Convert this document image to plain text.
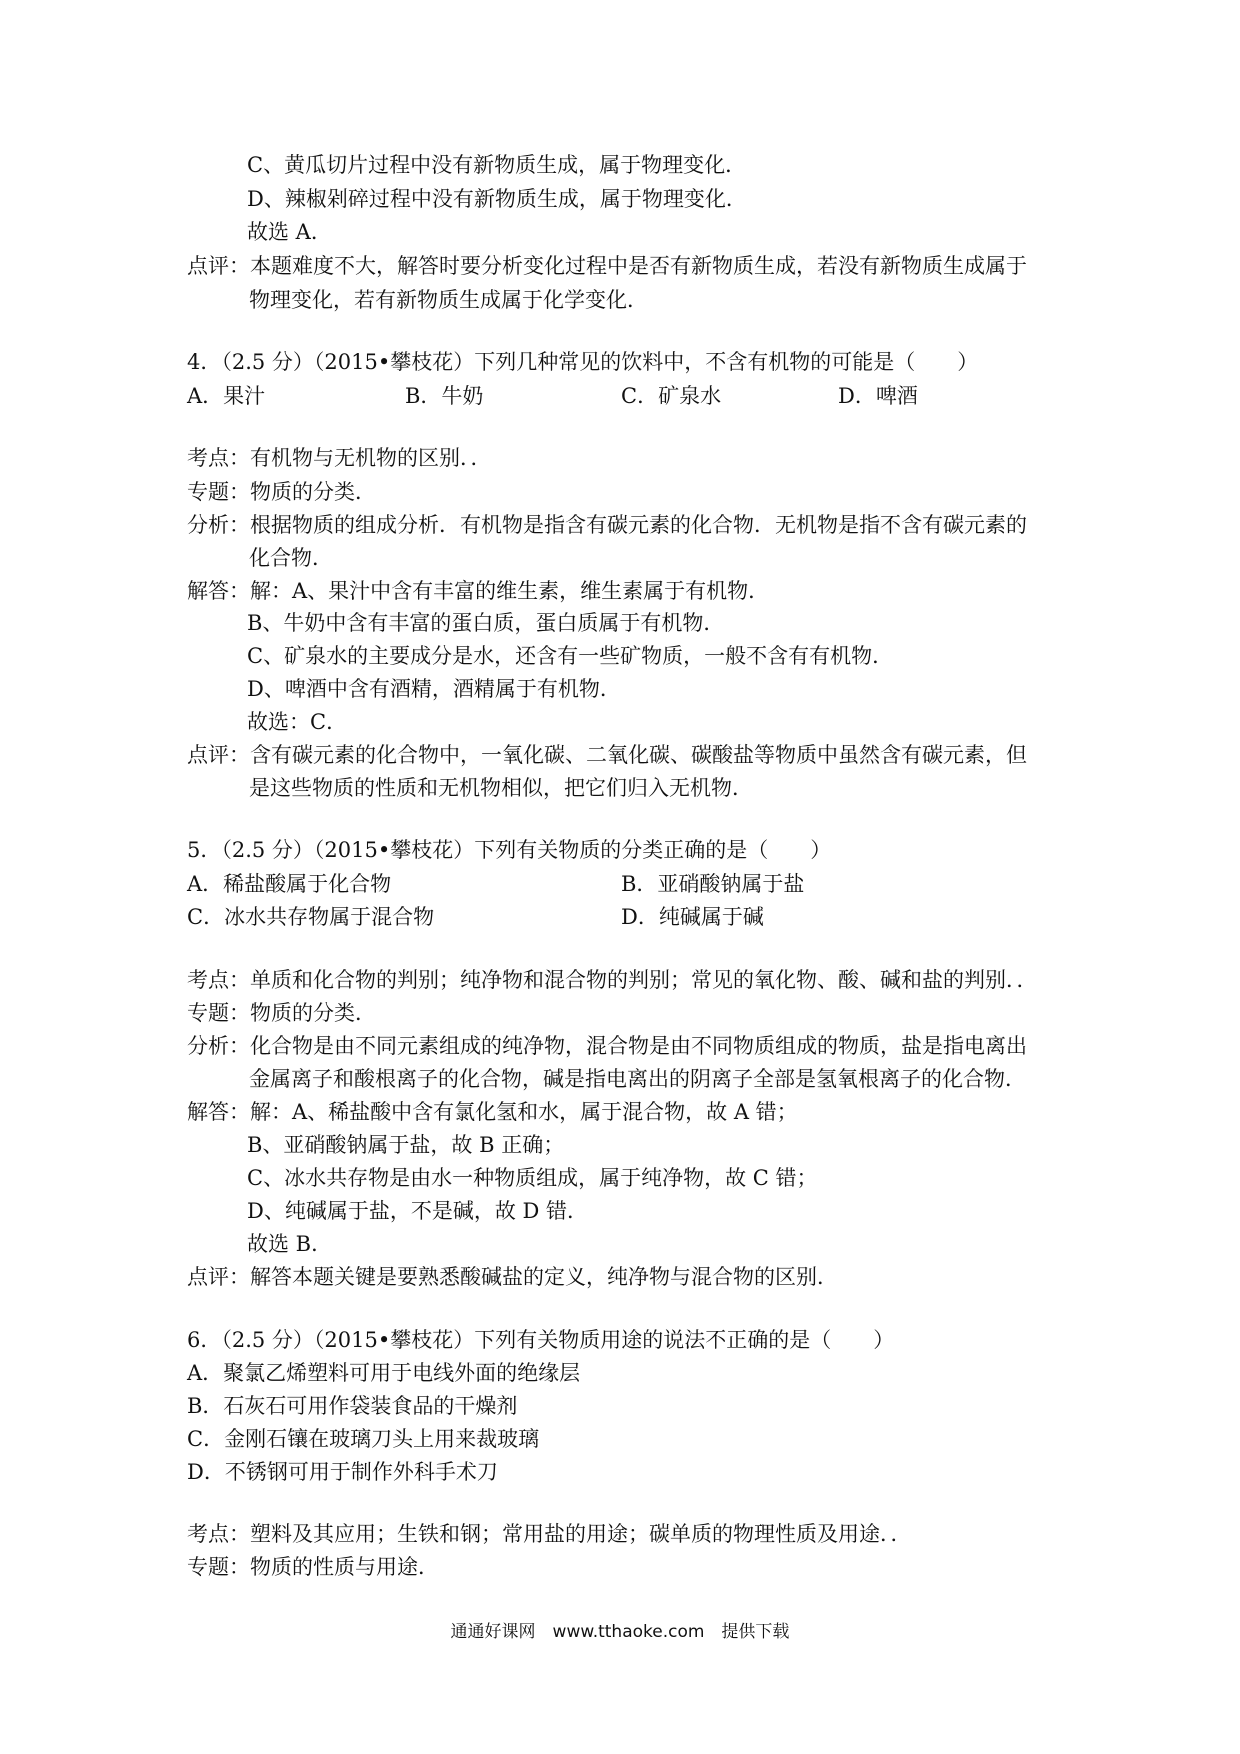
C、黄瓜切片过程中没有新物质生成，属于物理变化．
D、辣椒剁碎过程中没有新物质生成，属于物理变化．
故选 A．
点评：本题难度不大，解答时要分析变化过程中是否有新物质生成，若没有新物质生成属于
物理变化，若有新物质生成属于化学变化．
4．（2.5 分）（2015•攀枝花）下列几种常见的饮料中，不含有机物的可能是（　　）
A．果汁	B．牛奶	C．矿泉水	D．啤酒
考点：有机物与无机物的区别．．
专题：物质的分类．
分析：根据物质的组成分析．有机物是指含有碳元素的化合物．无机物是指不含有碳元素的
化合物．
解答：解：A、果汁中含有丰富的维生素，维生素属于有机物．
B、牛奶中含有丰富的蛋白质，蛋白质属于有机物．
C、矿泉水的主要成分是水，还含有一些矿物质，一般不含有有机物．
D、啤酒中含有酒精，酒精属于有机物．
故选：C．
点评：含有碳元素的化合物中，一氧化碳、二氧化碳、碳酸盐等物质中虽然含有碳元素，但
是这些物质的性质和无机物相似，把它们归入无机物．
5．（2.5 分）（2015•攀枝花）下列有关物质的分类正确的是（　　）
A．稀盐酸属于化合物	B．亚硝酸钠属于盐
C．冰水共存物属于混合物	D．纯碱属于碱
考点：单质和化合物的判别；纯净物和混合物的判别；常见的氧化物、酸、碱和盐的判别．．
专题：物质的分类．
分析：化合物是由不同元素组成的纯净物，混合物是由不同物质组成的物质，盐是指电离出
金属离子和酸根离子的化合物，碱是指电离出的阴离子全部是氢氧根离子的化合物．
解答：解：A、稀盐酸中含有氯化氢和水，属于混合物，故 A 错；
B、亚硝酸钠属于盐，故 B 正确；
C、冰水共存物是由水一种物质组成，属于纯净物，故 C 错；
D、纯碱属于盐，不是碱，故 D 错．
故选 B．
点评：解答本题关键是要熟悉酸碱盐的定义，纯净物与混合物的区别．
6．（2.5 分）（2015•攀枝花）下列有关物质用途的说法不正确的是（　　）
A．聚氯乙烯塑料可用于电线外面的绝缘层
B．石灰石可用作袋装食品的干燥剂
C．金刚石镶在玻璃刀头上用来裁玻璃
D．不锈钢可用于制作外科手术刀
考点：塑料及其应用；生铁和钢；常用盐的用途；碳单质的物理性质及用途．．
专题：物质的性质与用途．
通通好课网　www.tthaoke.com　提供下载
